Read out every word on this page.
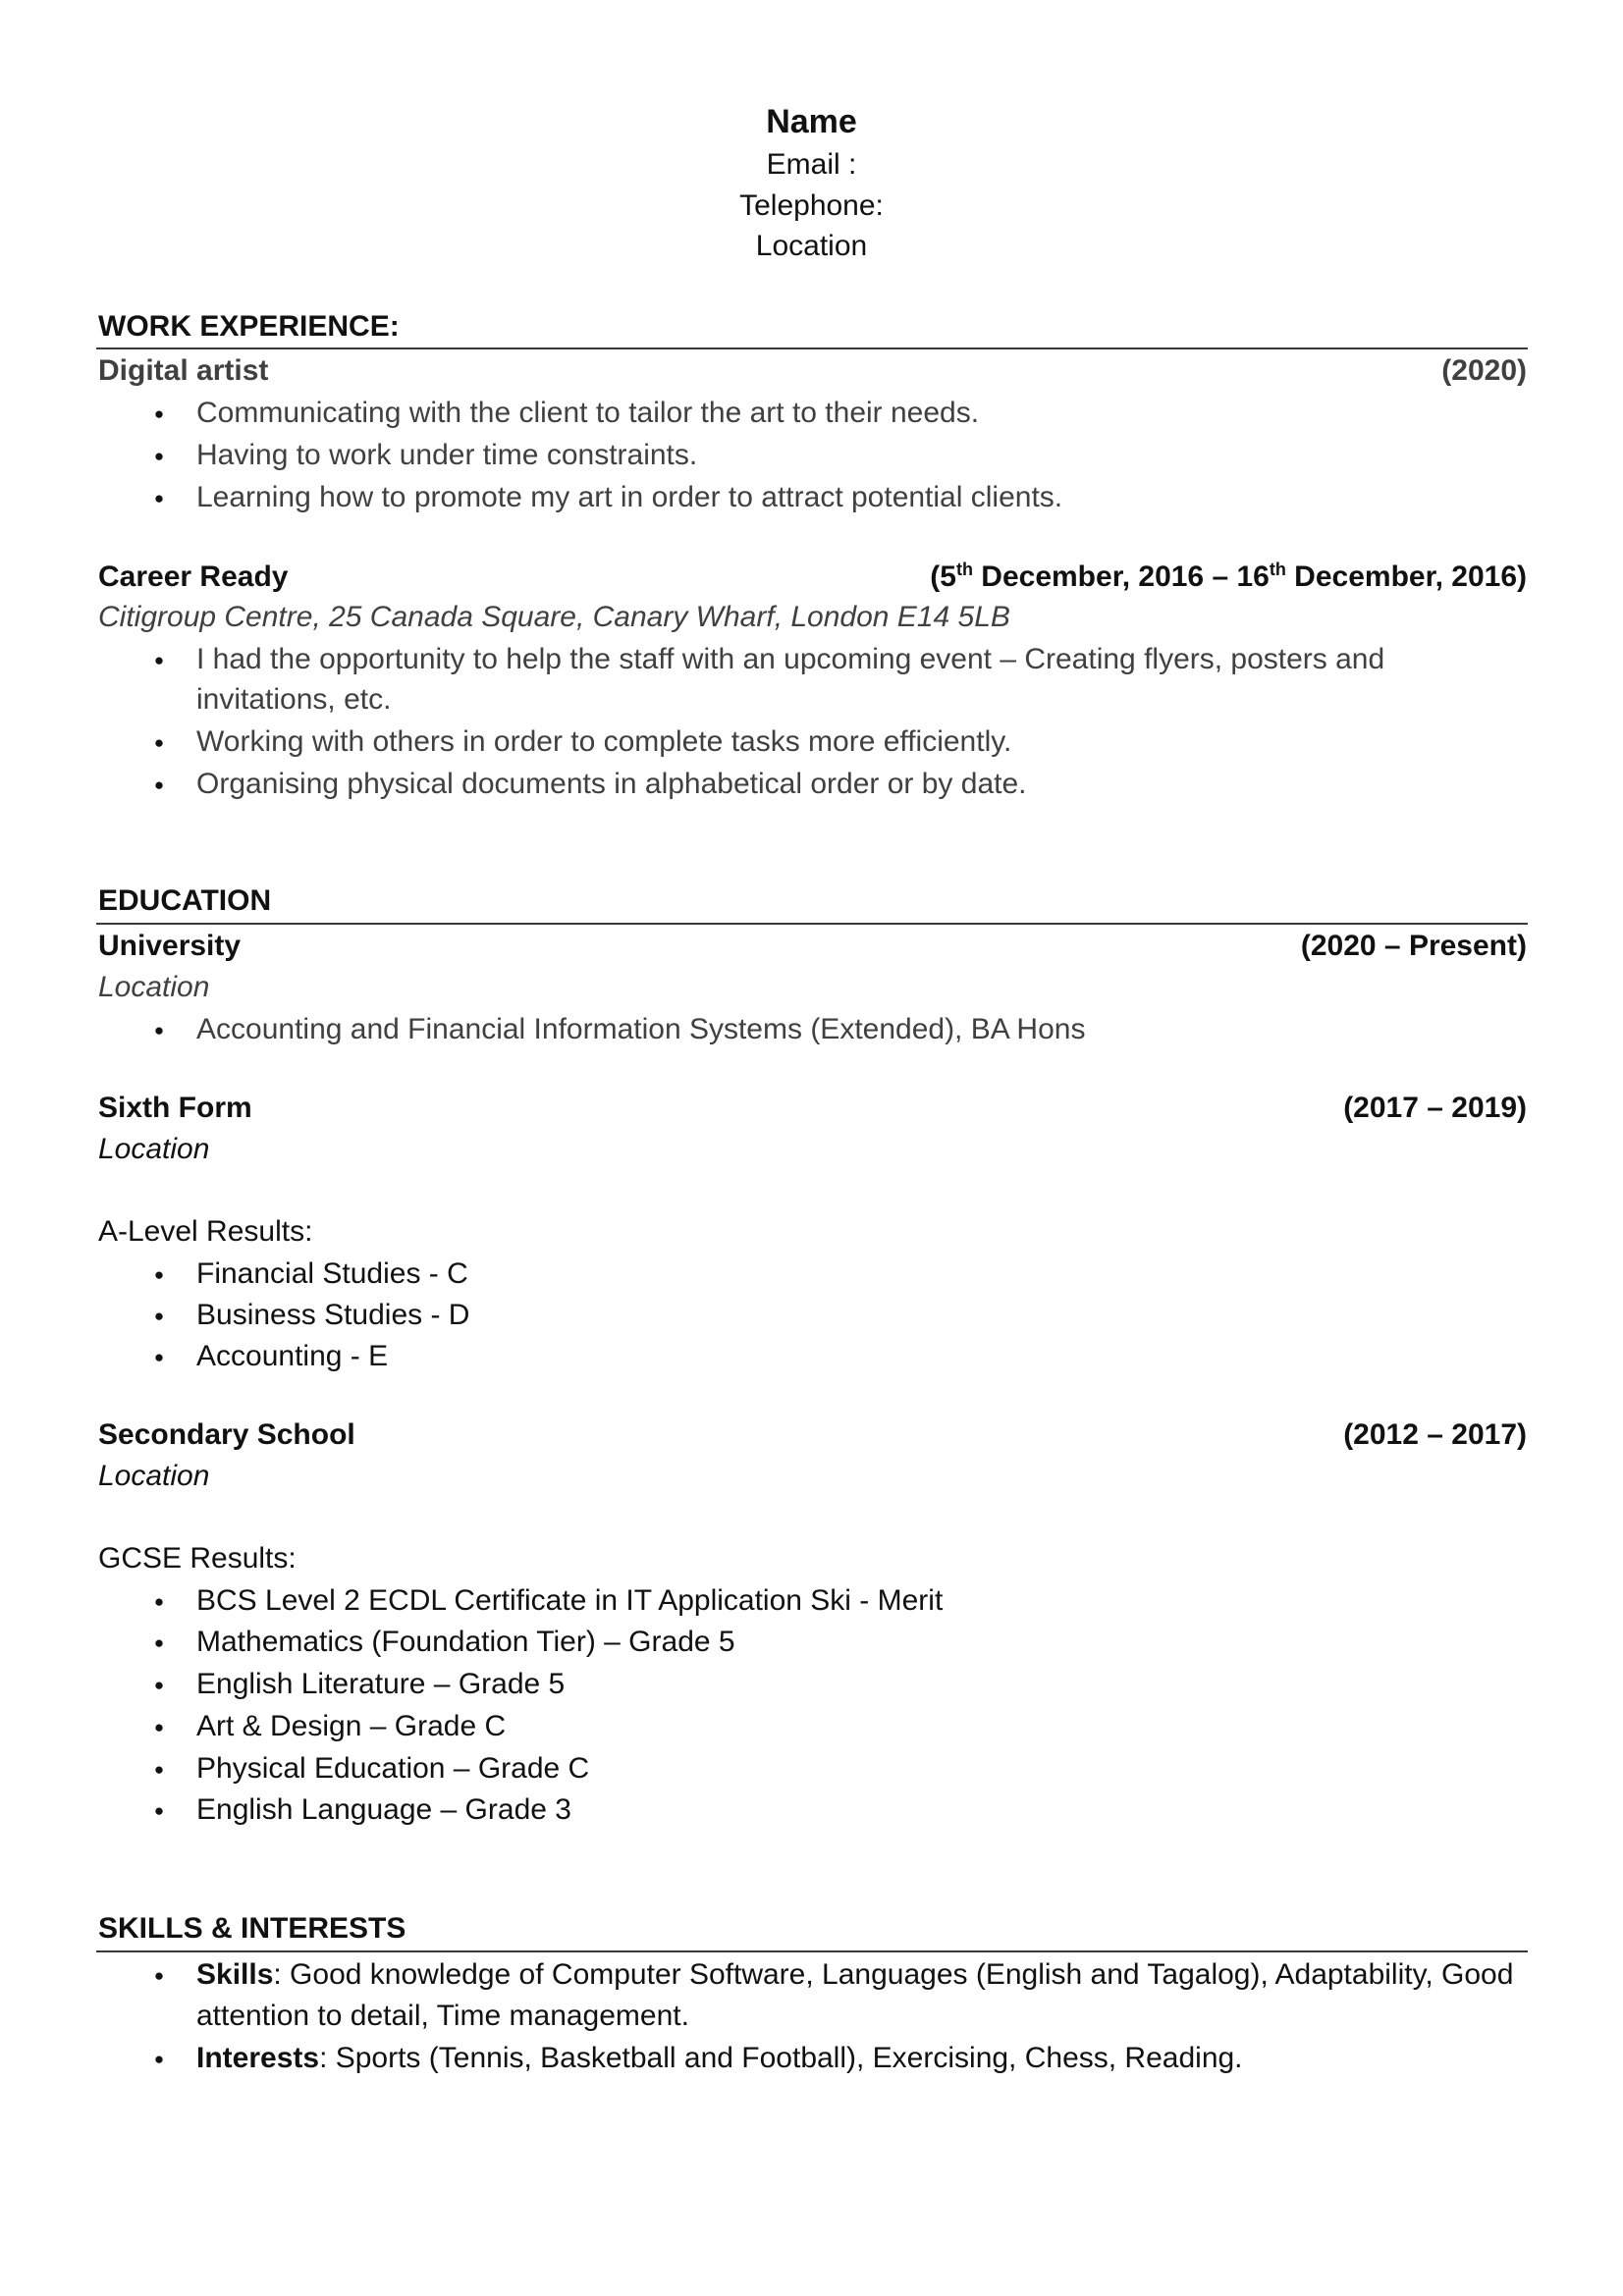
Name
Email :
Telephone:
Location
WORK EXPERIENCE:
Digital artist	(2020)
●
Communicating with the client to tailor the art to their needs.
●
Having to work under time constraints.
●
Learning how to promote my art in order to attract potential clients.
Career Ready	(5th December, 2016 – 16th December, 2016)
Citigroup Centre, 25 Canada Square, Canary Wharf, London E14 5LB
●
I had the opportunity to help the staff with an upcoming event – Creating flyers, posters and
invitations, etc.
●
Working with others in order to complete tasks more efficiently.
●
Organising physical documents in alphabetical order or by date.
EDUCATION
University	(2020 – Present)
Location
●
Accounting and Financial Information Systems (Extended), BA Hons
Sixth Form	(2017 – 2019)
Location
A-Level Results:
●
Financial Studies - C
●
Business Studies - D
●
Accounting - E
Secondary School	(2012 – 2017)
Location
GCSE Results:
●
BCS Level 2 ECDL Certificate in IT Application Ski - Merit
●
Mathematics (Foundation Tier) – Grade 5
●
English Literature – Grade 5
●
Art & Design – Grade C
●
Physical Education – Grade C
●
English Language – Grade 3
SKILLS & INTERESTS
●
Skills: Good knowledge of Computer Software, Languages (English and Tagalog), Adaptability, Good
attention to detail, Time management.
●
Interests: Sports (Tennis, Basketball and Football), Exercising, Chess, Reading.
